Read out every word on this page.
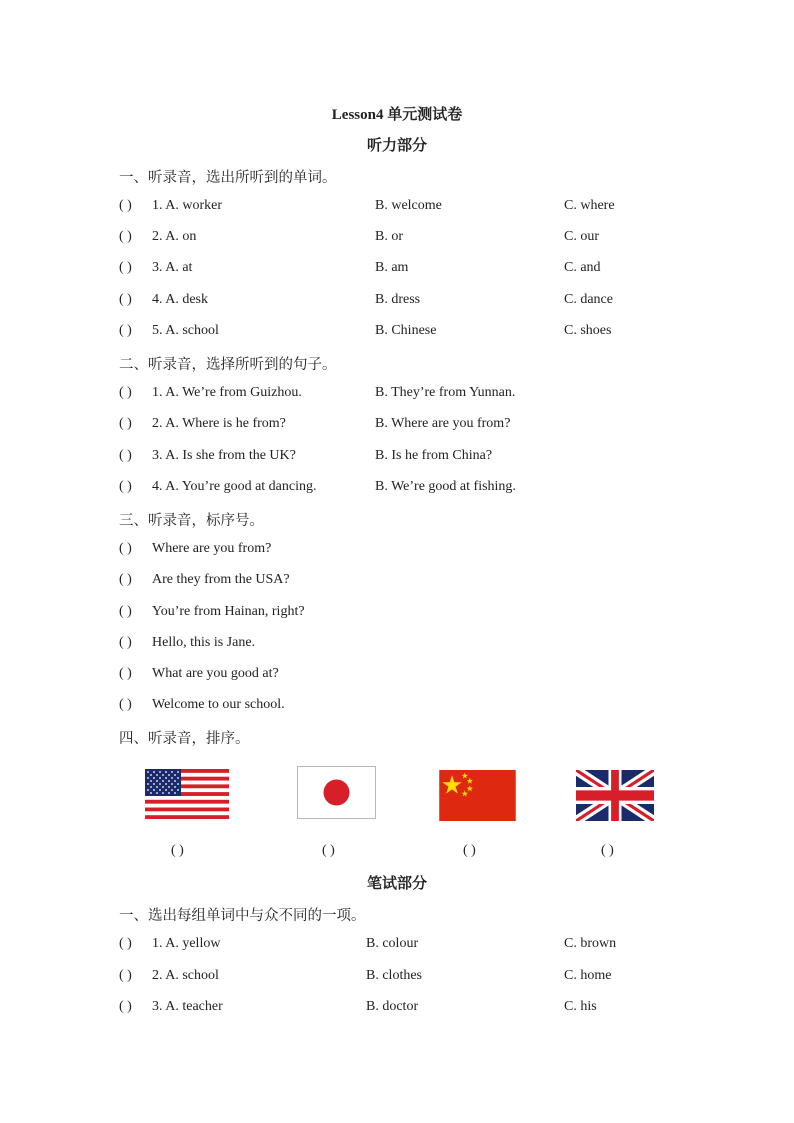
Lesson4 单元测试卷
听力部分
一、听录音，选出所听到的单词。
( ) 1. A. worker	B. welcome	C. where
( ) 2. A. on	B. or	C. our
( ) 3. A. at	B. am	C. and
( ) 4. A. desk	B. dress	C. dance
( ) 5. A. school	B. Chinese	C. shoes
二、听录音，选择所听到的句子。
( ) 1. A. We’re from Guizhou.	B. They’re from Yunnan.
( ) 2. A. Where is he from?	B. Where are you from?
( ) 3. A. Is she from the UK?	B. Is he from China?
( ) 4. A. You’re good at dancing.	B. We’re good at fishing.
三、听录音，标序号。
( ) Where are you from?
( ) Are they from the USA?
( ) You’re from Hainan, right?
( ) Hello, this is Jane.
( ) What are you good at?
( ) Welcome to our school.
四、听录音，排序。
( )	( )	( )	( )
笔试部分
一、选出每组单词中与众不同的一项。
( ) 1. A. yellow	B. colour	C. brown
( ) 2. A. school	B. clothes	C. home
( ) 3. A. teacher	B. doctor	C. his
